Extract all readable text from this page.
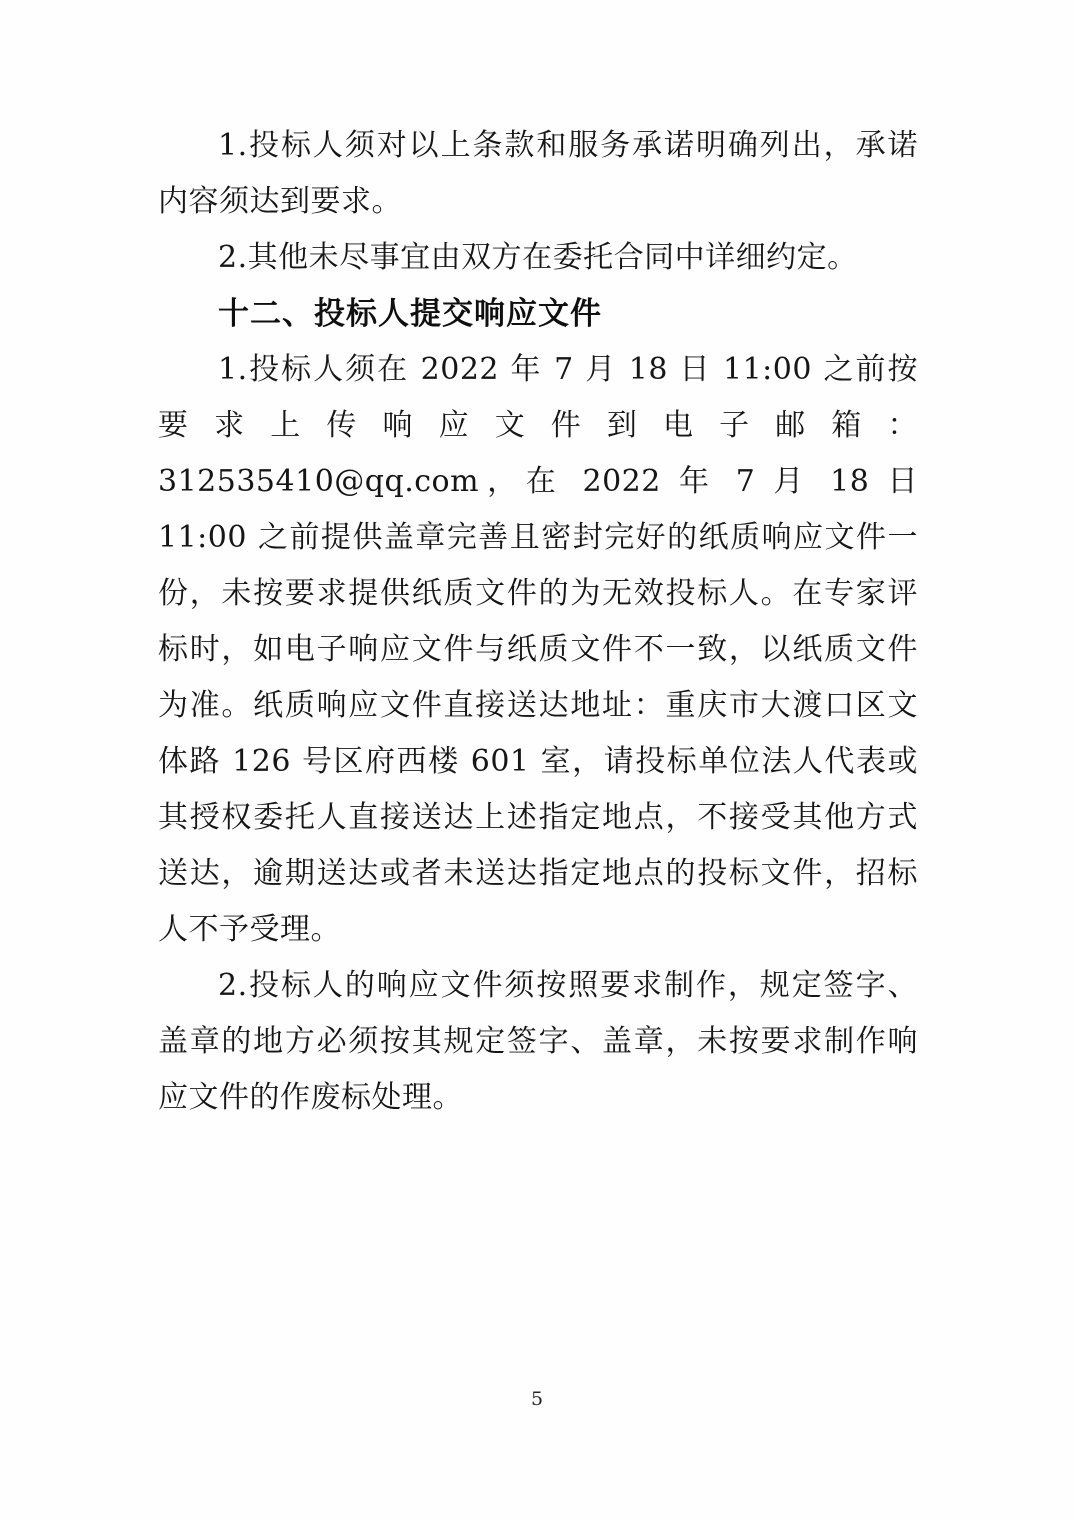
1.投标人须对以上条款和服务承诺明确列出，承诺内容须达到要求。

2.其他未尽事宜由双方在委托合同中详细约定。

十二、投标人提交响应文件

1.投标人须在 2022 年 7 月 18 日 11:00 之前按要求上传响应文件到电子邮箱：312535410@qq.com，在 2022 年 7 月 18 日 11:00 之前提供盖章完善且密封完好的纸质响应文件一份，未按要求提供纸质文件的为无效投标人。在专家评标时，如电子响应文件与纸质文件不一致，以纸质文件为准。纸质响应文件直接送达地址：重庆市大渡口区文体路 126 号区府西楼 601 室，请投标单位法人代表或其授权委托人直接送达上述指定地点，不接受其他方式送达，逾期送达或者未送达指定地点的投标文件，招标人不予受理。

2.投标人的响应文件须按照要求制作，规定签字、盖章的地方必须按其规定签字、盖章，未按要求制作响应文件的作废标处理。

5
